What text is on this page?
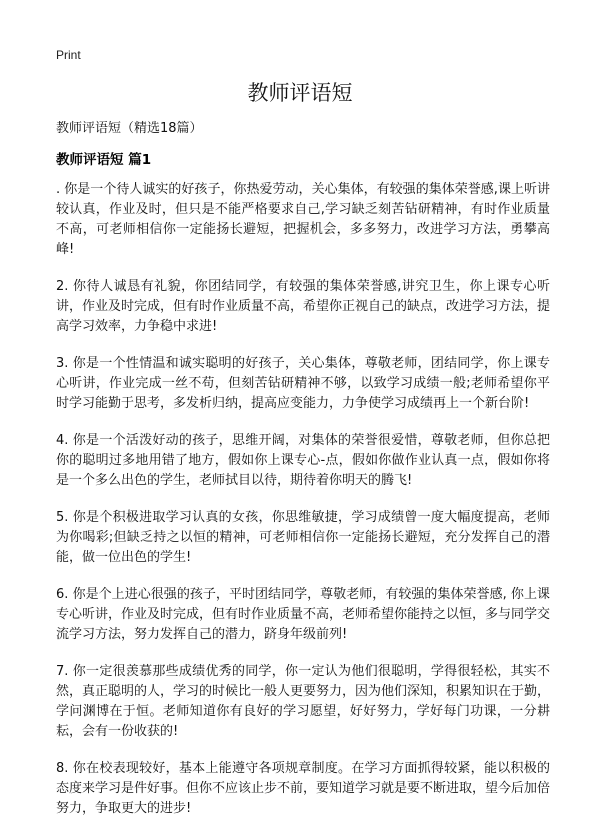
Print
教师评语短
教师评语短（精选18篇）
教师评语短 篇1

. 你是一个待人诚实的好孩子，你热爱劳动，关心集体，有较强的集体荣誉感,课上听讲较认真，作业及时，但只是不能严格要求自己,学习缺乏刻苦钻研精神，有时作业质量不高，可老师相信你一定能扬长避短，把握机会，多多努力，改进学习方法，勇攀高峰!

2. 你待人诚恳有礼貌，你团结同学，有较强的集体荣誉感,讲究卫生，你上课专心听讲，作业及时完成，但有时作业质量不高，希望你正视自己的缺点，改进学习方法，提高学习效率，力争稳中求进!

3. 你是一个性情温和诚实聪明的好孩子，关心集体，尊敬老师，团结同学，你上课专心听讲，作业完成一丝不苟，但刻苦钻研精神不够，以致学习成绩一般;老师希望你平时学习能勤于思考，多发析归纳，提高应变能力，力争使学习成绩再上一个新台阶!

4. 你是一个活泼好动的孩子，思维开阔，对集体的荣誉很爱惜，尊敬老师，但你总把你的聪明过多地用错了地方，假如你上课专心-点，假如你做作业认真一点，假如你将是一个多么出色的学生，老师拭目以待，期待着你明天的腾飞!

5. 你是个积极进取学习认真的女孩，你思维敏捷，学习成绩曾一度大幅度提高，老师为你喝彩;但缺乏持之以恒的精神，可老师相信你一定能扬长避短，充分发挥自己的潜能，做一位出色的学生!

6. 你是个上进心很强的孩子，平时团结同学，尊敬老师，有较强的集体荣誉感, 你上课专心听讲，作业及时完成，但有时作业质量不高，老师希望你能持之以恒，多与同学交流学习方法，努力发挥自己的潜力，跻身年级前列!

7. 你一定很羡慕那些成绩优秀的同学，你一定认为他们很聪明，学得很轻松，其实不然，真正聪明的人，学习的时候比一般人更要努力，因为他们深知，积累知识在于勤，学问渊博在于恒。老师知道你有良好的学习愿望，好好努力，学好每门功课，一分耕耘，会有一份收获的!

8. 你在校表现较好，基本上能遵守各项规章制度。在学习方面抓得较紧，能以积极的态度来学习是件好事。但你不应该止步不前，要知道学习就是要不断进取，望今后加倍努力，争取更大的进步!
